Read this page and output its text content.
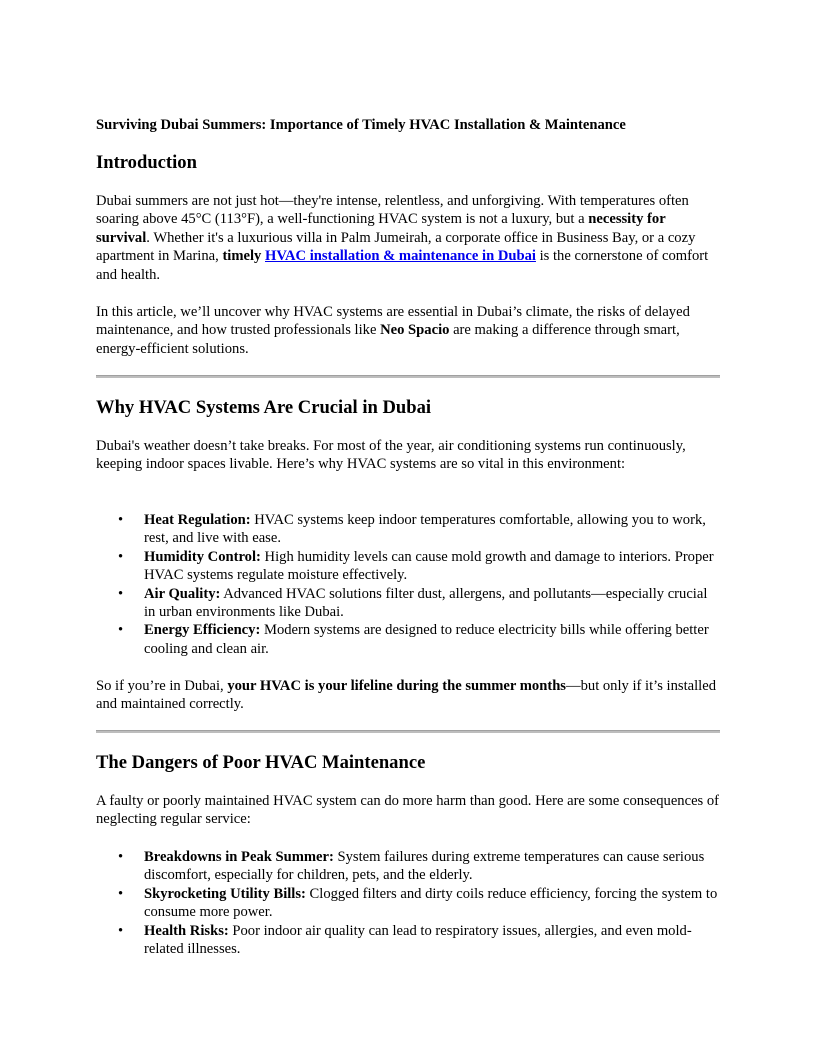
Surviving Dubai Summers: Importance of Timely HVAC Installation & Maintenance
Introduction

Dubai summers are not just hot—they're intense, relentless, and unforgiving. With temperatures often soaring above 45°C (113°F), a well-functioning HVAC system is not a luxury, but a necessity for survival. Whether it's a luxurious villa in Palm Jumeirah, a corporate office in Business Bay, or a cozy apartment in Marina, timely HVAC installation & maintenance in Dubai is the cornerstone of comfort and health.

In this article, we’ll uncover why HVAC systems are essential in Dubai’s climate, the risks of delayed maintenance, and how trusted professionals like Neo Spacio are making a difference through smart, energy-efficient solutions.

Why HVAC Systems Are Crucial in Dubai

Dubai's weather doesn’t take breaks. For most of the year, air conditioning systems run continuously, keeping indoor spaces livable. Here’s why HVAC systems are so vital in this environment:

• Heat Regulation: HVAC systems keep indoor temperatures comfortable, allowing you to work, rest, and live with ease.
• Humidity Control: High humidity levels can cause mold growth and damage to interiors. Proper HVAC systems regulate moisture effectively.
• Air Quality: Advanced HVAC solutions filter dust, allergens, and pollutants—especially crucial in urban environments like Dubai.
• Energy Efficiency: Modern systems are designed to reduce electricity bills while offering better cooling and clean air.

So if you’re in Dubai, your HVAC is your lifeline during the summer months—but only if it’s installed and maintained correctly.

The Dangers of Poor HVAC Maintenance

A faulty or poorly maintained HVAC system can do more harm than good. Here are some consequences of neglecting regular service:

• Breakdowns in Peak Summer: System failures during extreme temperatures can cause serious discomfort, especially for children, pets, and the elderly.
• Skyrocketing Utility Bills: Clogged filters and dirty coils reduce efficiency, forcing the system to consume more power.
• Health Risks: Poor indoor air quality can lead to respiratory issues, allergies, and even mold-related illnesses.
